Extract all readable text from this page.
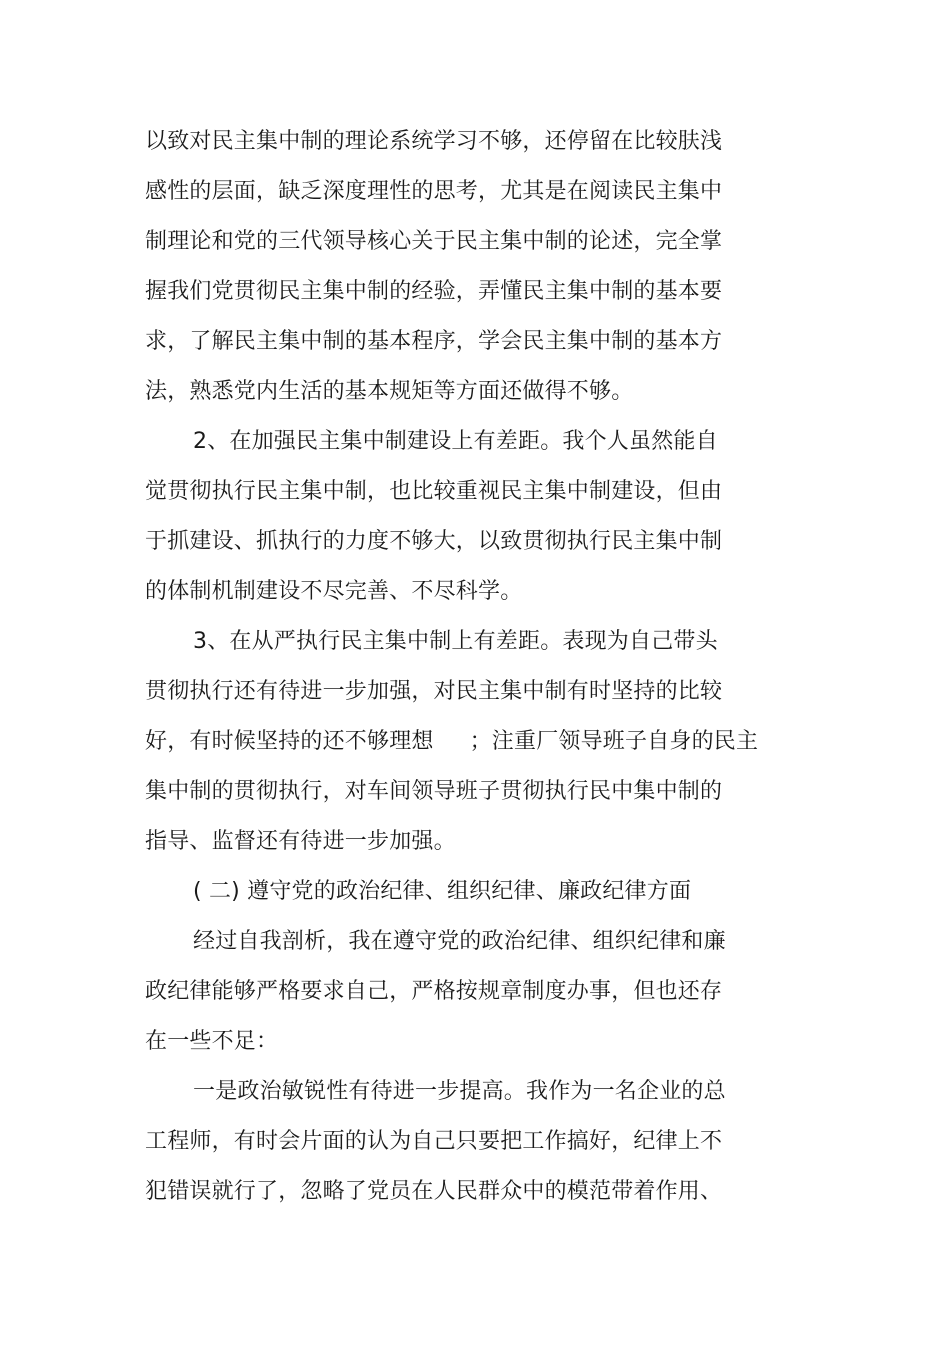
以致对民主集中制的理论系统学习不够，还停留在比较肤浅
感性的层面，缺乏深度理性的思考，尤其是在阅读民主集中
制理论和党的三代领导核心关于民主集中制的论述，完全掌
握我们党贯彻民主集中制的经验，弄懂民主集中制的基本要
求，了解民主集中制的基本程序，学会民主集中制的基本方
法，熟悉党内生活的基本规矩等方面还做得不够。
2、在加强民主集中制建设上有差距。我个人虽然能自
觉贯彻执行民主集中制，也比较重视民主集中制建设，但由
于抓建设、抓执行的力度不够大，以致贯彻执行民主集中制
的体制机制建设不尽完善、不尽科学。
3、在从严执行民主集中制上有差距。表现为自己带头
贯彻执行还有待进一步加强，对民主集中制有时坚持的比较
好，有时候坚持的还不够理想 ；注重厂领导班子自身的民主
集中制的贯彻执行，对车间领导班子贯彻执行民中集中制的
指导、监督还有待进一步加强。
( 二) 遵守党的政治纪律、组织纪律、廉政纪律方面
经过自我剖析，我在遵守党的政治纪律、组织纪律和廉
政纪律能够严格要求自己，严格按规章制度办事，但也还存
在一些不足：
一是政治敏锐性有待进一步提高。我作为一名企业的总
工程师，有时会片面的认为自己只要把工作搞好，纪律上不
犯错误就行了，忽略了党员在人民群众中的模范带着作用、
